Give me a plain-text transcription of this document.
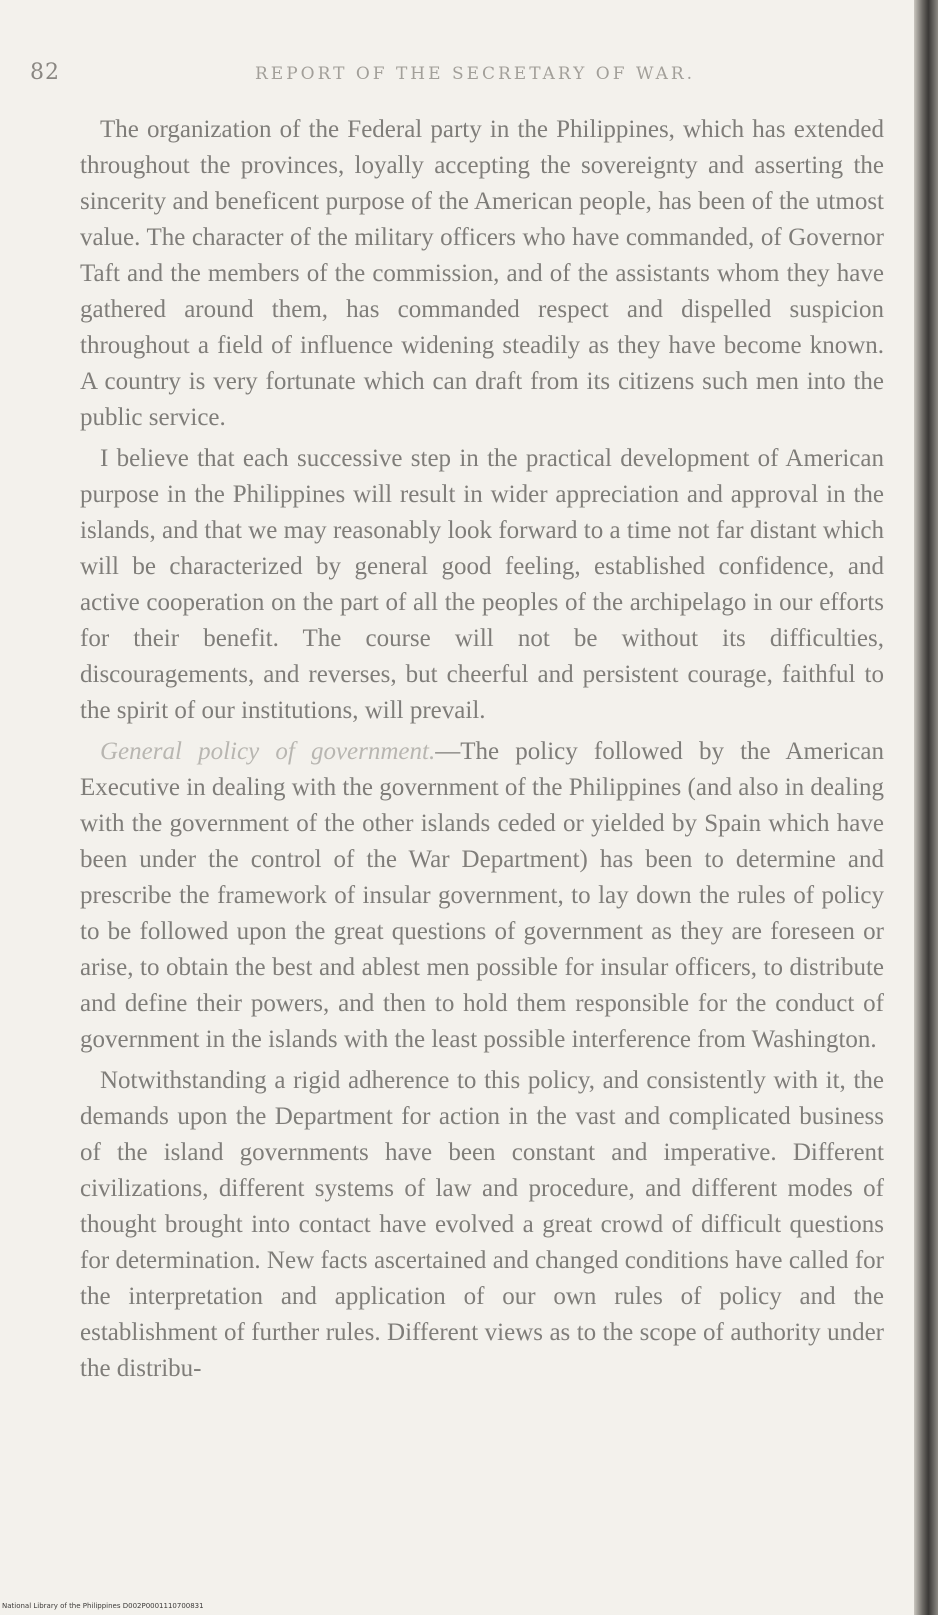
82	REPORT OF THE SECRETARY OF WAR.

The organization of the Federal party in the Philippines, which has extended throughout the provinces, loyally accepting the sovereignty and asserting the sincerity and beneficent purpose of the American people, has been of the utmost value. The character of the military officers who have commanded, of Governor Taft and the members of the commission, and of the assistants whom they have gathered around them, has commanded respect and dispelled suspicion throughout a field of influence widening steadily as they have become known. A country is very fortunate which can draft from its citizens such men into the public service.

I believe that each successive step in the practical development of American purpose in the Philippines will result in wider appreciation and approval in the islands, and that we may reasonably look forward to a time not far distant which will be characterized by general good feeling, established confidence, and active cooperation on the part of all the peoples of the archipelago in our efforts for their benefit. The course will not be without its difficulties, discouragements, and reverses, but cheerful and persistent courage, faithful to the spirit of our institutions, will prevail.

General policy of government.—The policy followed by the American Executive in dealing with the government of the Philippines (and also in dealing with the government of the other islands ceded or yielded by Spain which have been under the control of the War Department) has been to determine and prescribe the framework of insular government, to lay down the rules of policy to be followed upon the great questions of government as they are foreseen or arise, to obtain the best and ablest men possible for insular officers, to distribute and define their powers, and then to hold them responsible for the conduct of government in the islands with the least possible interference from Washington.

Notwithstanding a rigid adherence to this policy, and consistently with it, the demands upon the Department for action in the vast and complicated business of the island governments have been constant and imperative. Different civilizations, different systems of law and procedure, and different modes of thought brought into contact have evolved a great crowd of difficult questions for determination. New facts ascertained and changed conditions have called for the interpretation and application of our own rules of policy and the establishment of further rules. Different views as to the scope of authority under the distribu-

National Library of the Philippines D002P0001110700831
